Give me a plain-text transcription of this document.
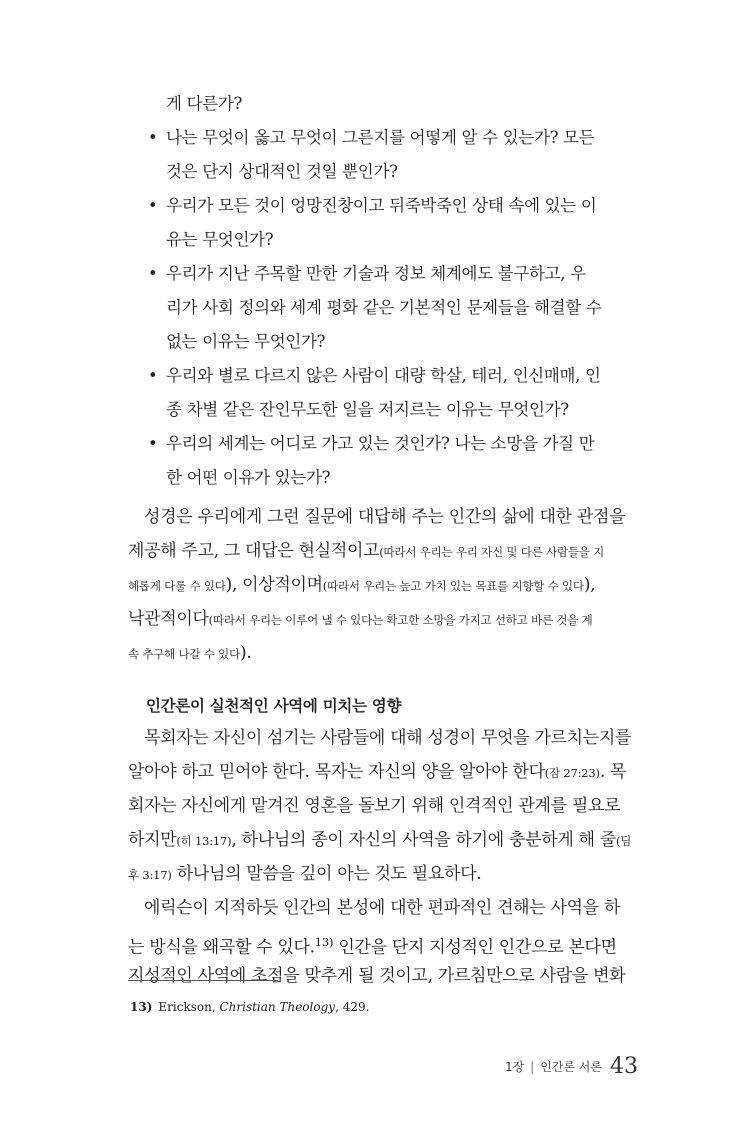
게 다른가?
• 나는 무엇이 옳고 무엇이 그른지를 어떻게 알 수 있는가? 모든
것은 단지 상대적인 것일 뿐인가?
• 우리가 모든 것이 엉망진창이고 뒤죽박죽인 상태 속에 있는 이
유는 무엇인가?
• 우리가 지난 주목할 만한 기술과 정보 체계에도 불구하고, 우
리가 사회 정의와 세계 평화 같은 기본적인 문제들을 해결할 수
없는 이유는 무엇인가?
• 우리와 별로 다르지 않은 사람이 대량 학살, 테러, 인신매매, 인
종 차별 같은 잔인무도한 일을 저지르는 이유는 무엇인가?
• 우리의 세계는 어디로 가고 있는 것인가? 나는 소망을 가질 만
한 어떤 이유가 있는가?
성경은 우리에게 그런 질문에 대답해 주는 인간의 삶에 대한 관점을
제공해 주고, 그 대답은 현실적이고(따라서 우리는 우리 자신 및 다른 사람들을 지
혜롭게 다룰 수 있다), 이상적이며(따라서 우리는 높고 가치 있는 목표를 지향할 수 있다),
낙관적이다(따라서 우리는 이루어 낼 수 있다는 확고한 소망을 가지고 선하고 바른 것을 계
속 추구해 나갈 수 있다).
인간론이 실천적인 사역에 미치는 영향
목회자는 자신이 섬기는 사람들에 대해 성경이 무엇을 가르치는지를
알아야 하고 믿어야 한다. 목자는 자신의 양을 알아야 한다(잠 27:23). 목
회자는 자신에게 맡겨진 영혼을 돌보기 위해 인격적인 관계를 필요로
하지만(히 13:17), 하나님의 종이 자신의 사역을 하기에 충분하게 해 줄(딤
후 3:17) 하나님의 말씀을 깊이 아는 것도 필요하다.
에릭슨이 지적하듯 인간의 본성에 대한 편파적인 견해는 사역을 하
는 방식을 왜곡할 수 있다.$^{13)}$ 인간을 단지 지성적인 인간으로 본다면
지성적인 사역에 초점을 맞추게 될 것이고, 가르침만으로 사람을 변화
13) Erickson, Christian Theology, 429.
1장 | 인간론 서론 43
